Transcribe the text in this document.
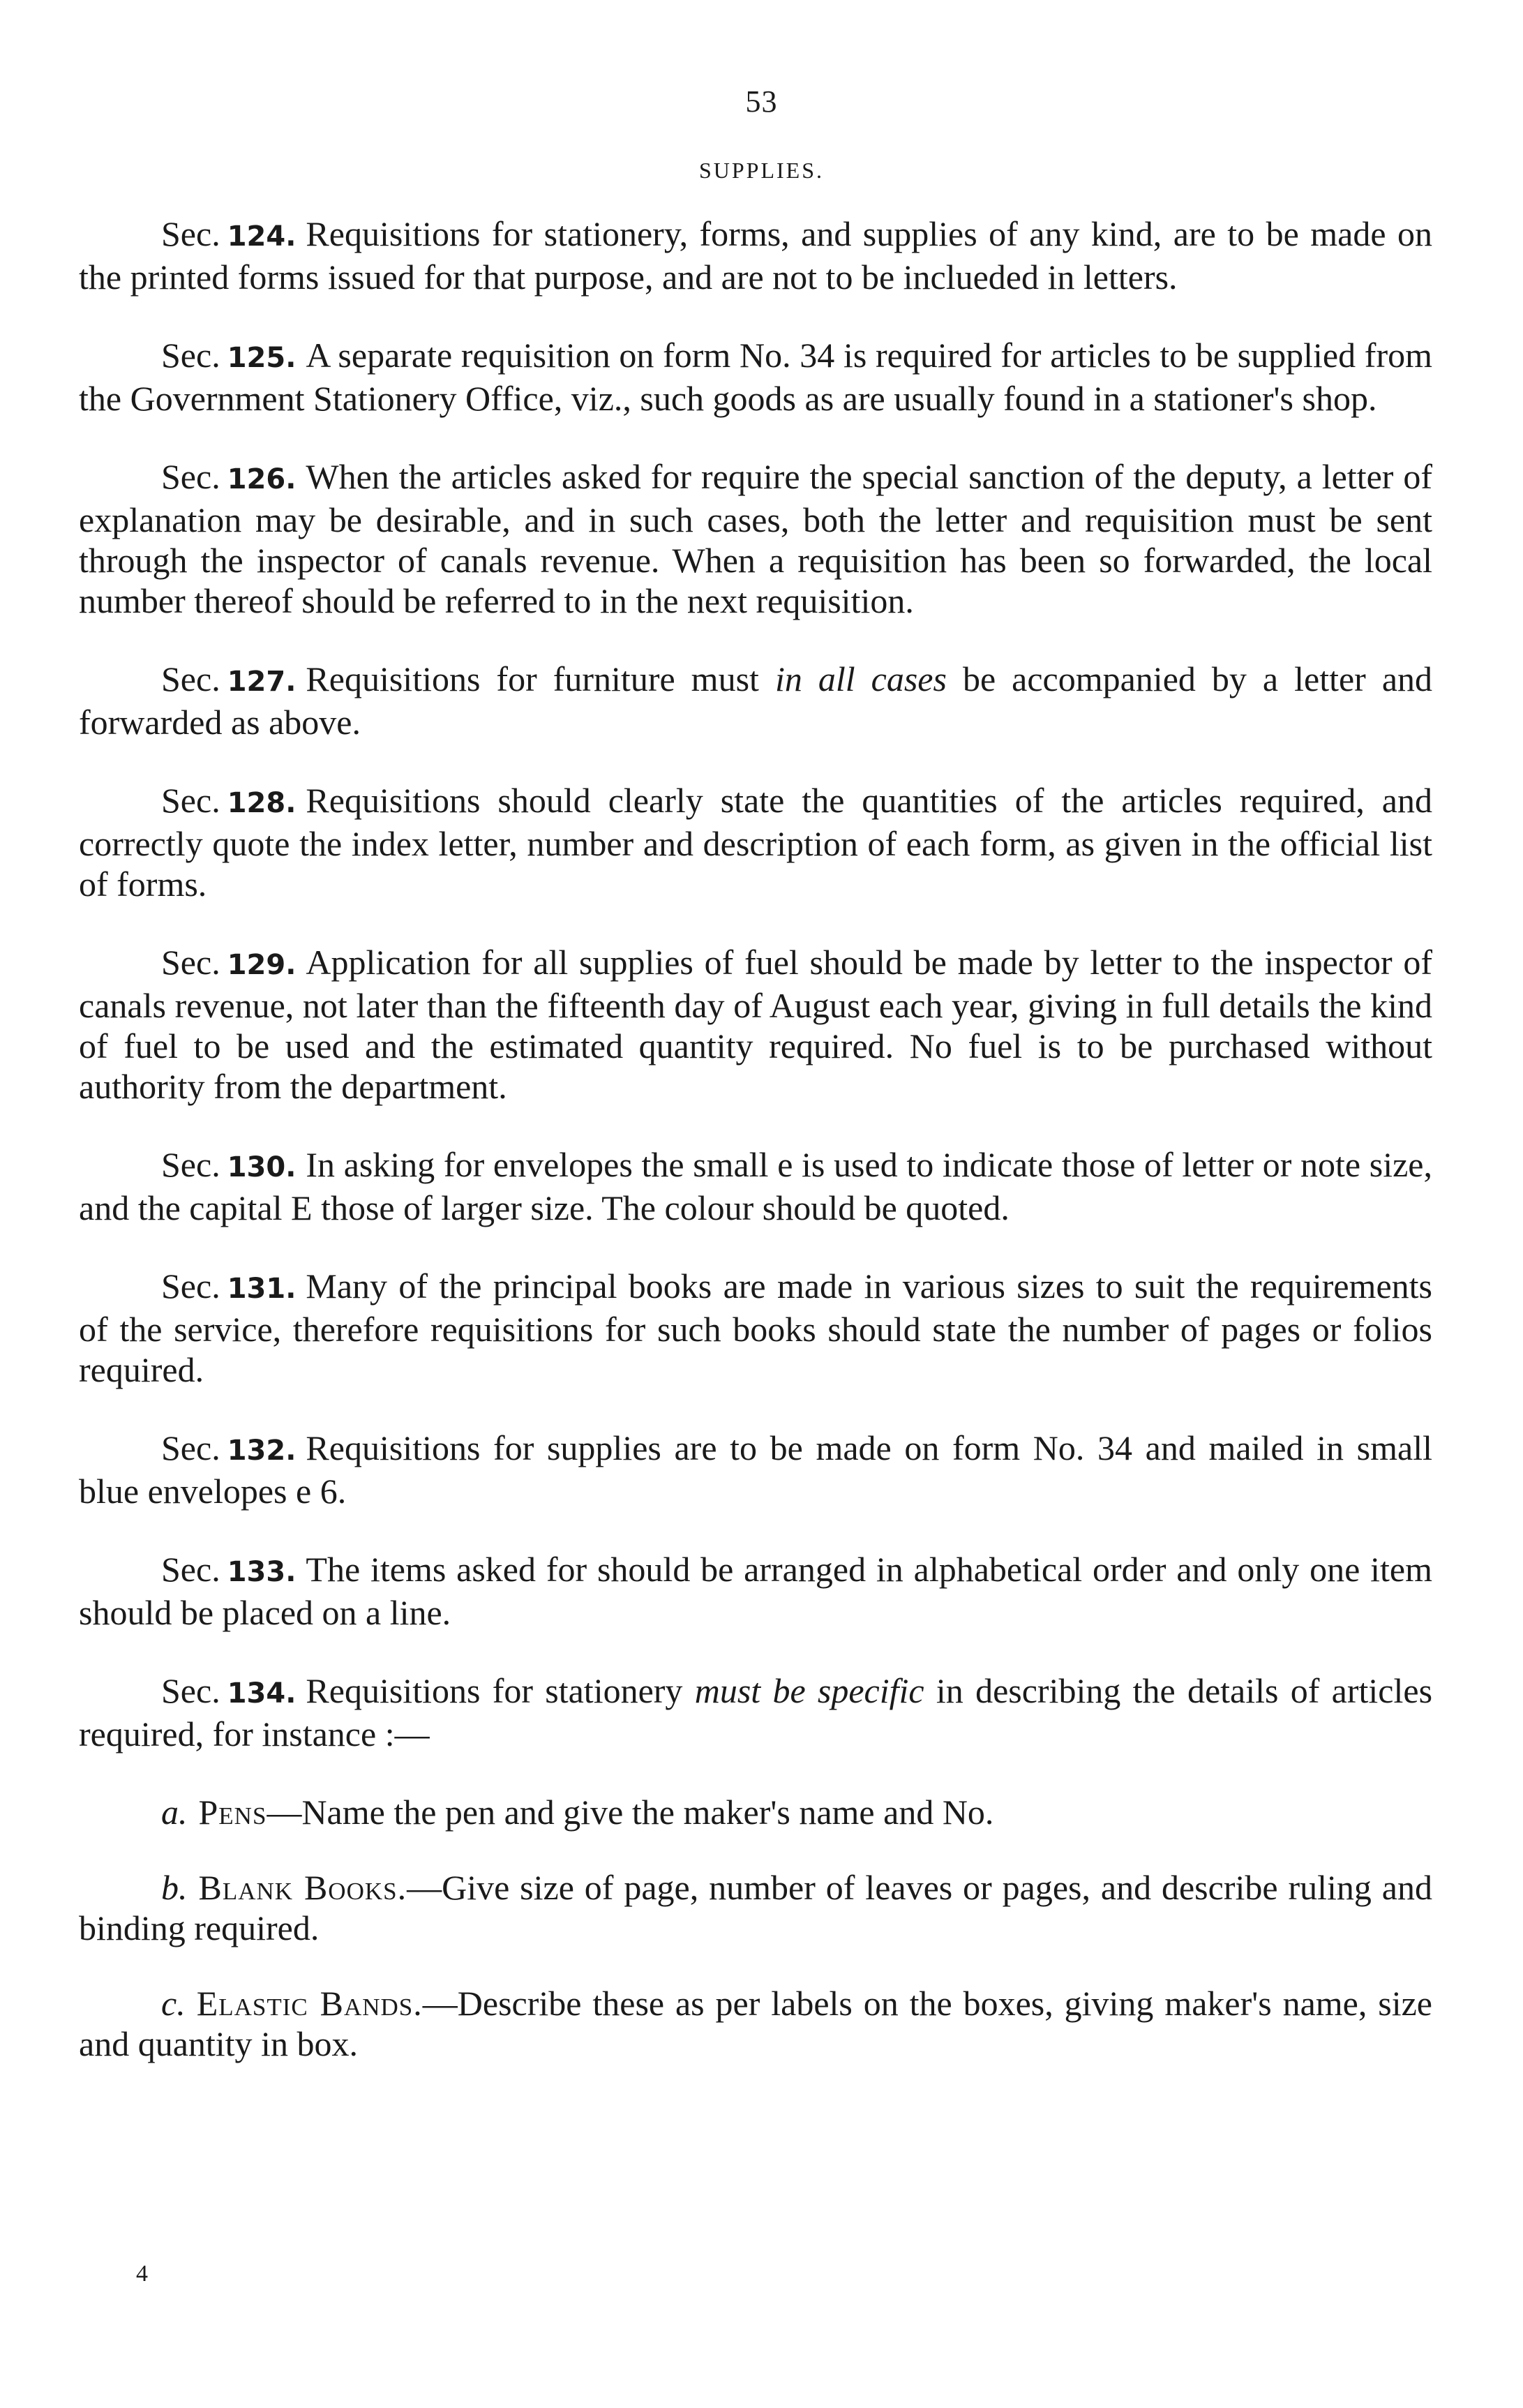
53
SUPPLIES.

Sec. 124. Requisitions for stationery, forms, and supplies of any kind, are to be made on the printed forms issued for that purpose, and are not to be inclueded in letters.

Sec. 125. A separate requisition on form No. 34 is required for articles to be supplied from the Government Stationery Office, viz., such goods as are usually found in a stationer's shop.

Sec. 126. When the articles asked for require the special sanction of the deputy, a letter of explanation may be desirable, and in such cases, both the letter and requisition must be sent through the inspector of canals revenue. When a requisition has been so forwarded, the local number thereof should be referred to in the next requisition.

Sec. 127. Requisitions for furniture must in all cases be accompanied by a letter and forwarded as above.

Sec. 128. Requisitions should clearly state the quantities of the articles required, and correctly quote the index letter, number and description of each form, as given in the official list of forms.

Sec. 129. Application for all supplies of fuel should be made by letter to the inspector of canals revenue, not later than the fifteenth day of August each year, giving in full details the kind of fuel to be used and the estimated quantity required. No fuel is to be purchased without authority from the department.

Sec. 130. In asking for envelopes the small e is used to indicate those of letter or note size, and the capital E those of larger size. The colour should be quoted.

Sec. 131. Many of the principal books are made in various sizes to suit the requirements of the service, therefore requisitions for such books should state the number of pages or folios required.

Sec. 132. Requisitions for supplies are to be made on form No. 34 and mailed in small blue envelopes e 6.

Sec. 133. The items asked for should be arranged in alphabetical order and only one item should be placed on a line.

Sec. 134. Requisitions for stationery must be specific in describing the details of articles required, for instance :—

a. Pens—Name the pen and give the maker's name and No.

b. Blank Books.—Give size of page, number of leaves or pages, and describe ruling and binding required.

c. Elastic Bands.—Describe these as per labels on the boxes, giving maker's name, size and quantity in box.

4
